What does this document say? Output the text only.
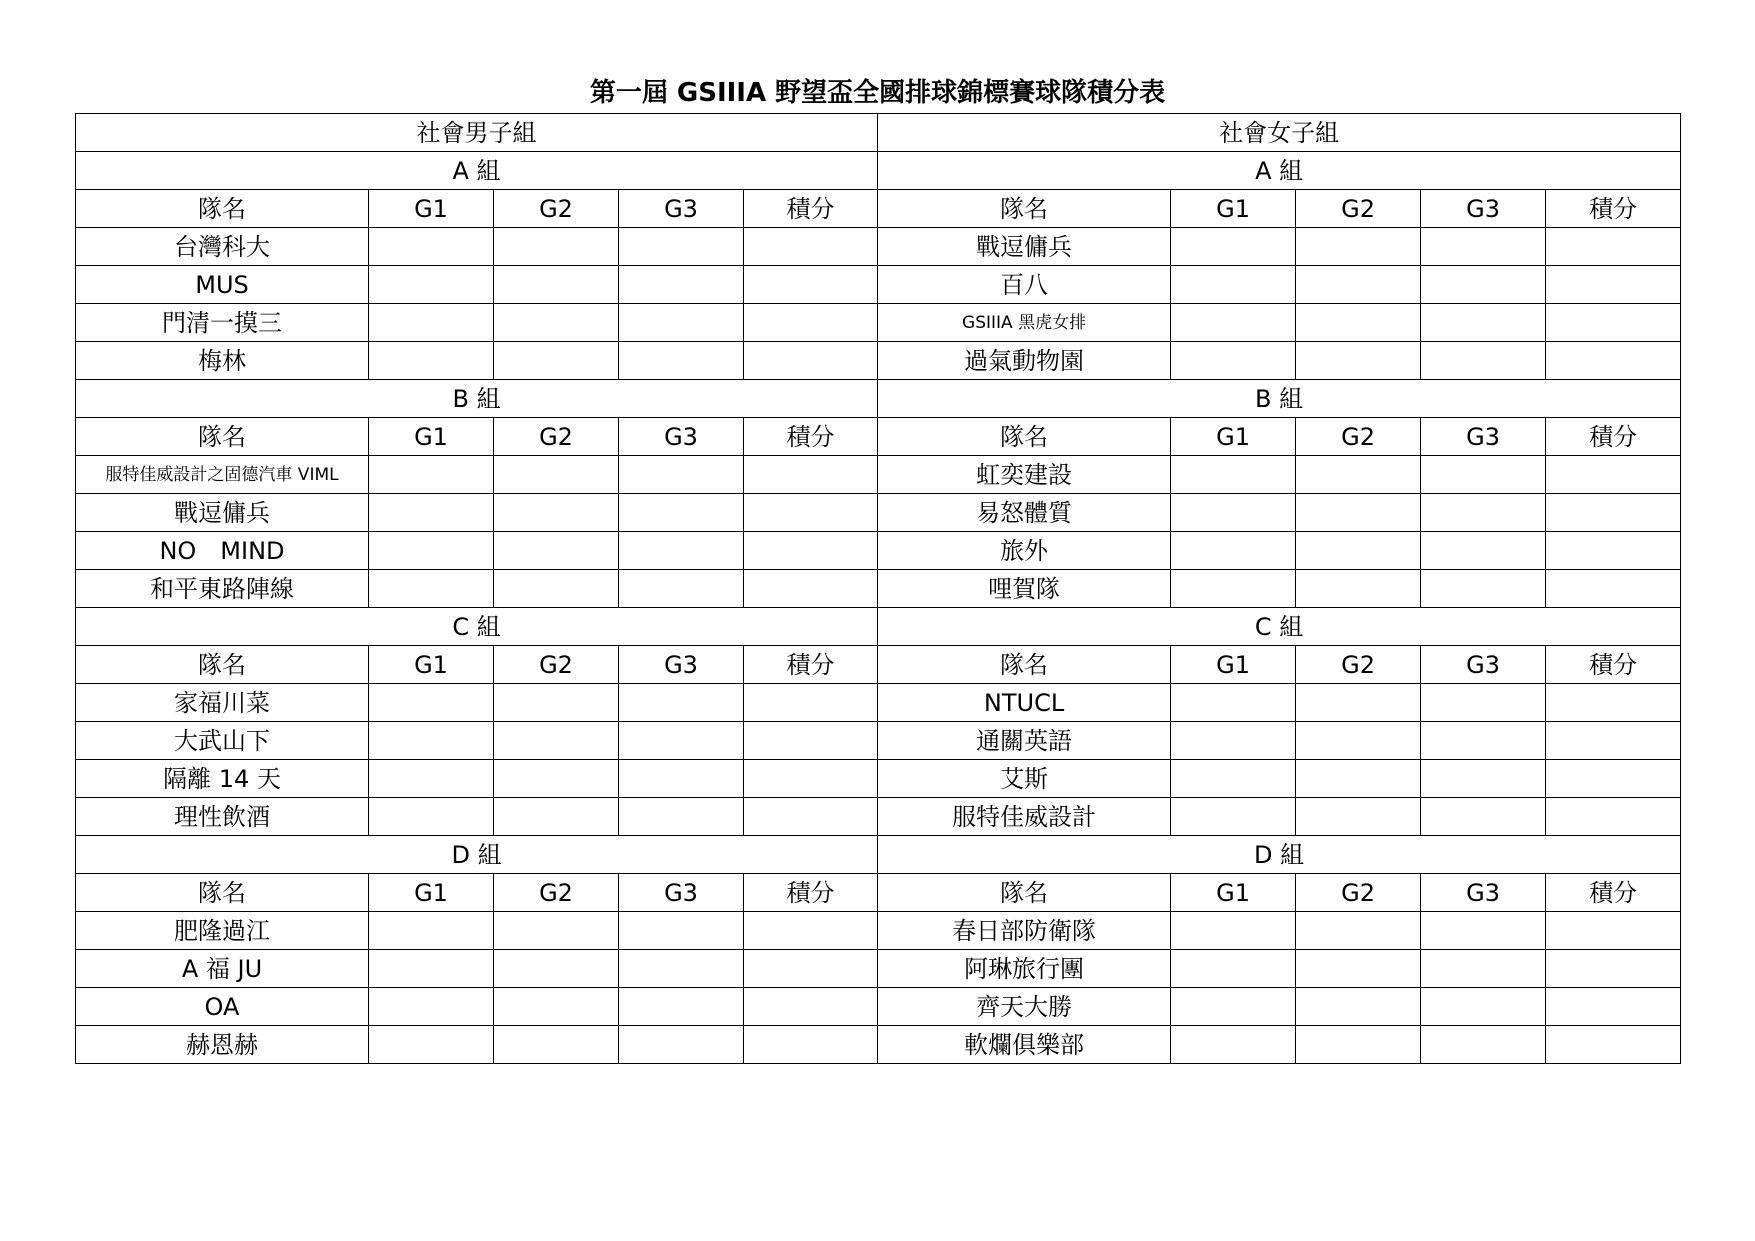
第一屆 GSIIIA 野望盃全國排球錦標賽球隊積分表
社會男子組					社會女子組				
A 組					A 組				
隊名	G1	G2	G3	積分	隊名	G1	G2	G3	積分
台灣科大					戰逗傭兵				
MUS					百八				
門清一摸三					GSIIIA 黑虎女排				
梅林					過氣動物園				
B 組					B 組				
隊名	G1	G2	G3	積分	隊名	G1	G2	G3	積分
服特佳威設計之固德汽車 VIML					虹奕建設				
戰逗傭兵					易怒體質				
NO　MIND					旅外				
和平東路陣線					哩賀隊				
C 組					C 組				
隊名	G1	G2	G3	積分	隊名	G1	G2	G3	積分
家福川菜					NTUCL				
大武山下					通關英語				
隔離 14 天					艾斯				
理性飲酒					服特佳威設計				
D 組					D 組				
隊名	G1	G2	G3	積分	隊名	G1	G2	G3	積分
肥隆過江					春日部防衛隊				
A 福 JU					阿琳旅行團				
OA					齊天大勝				
赫恩赫					軟爛俱樂部				
